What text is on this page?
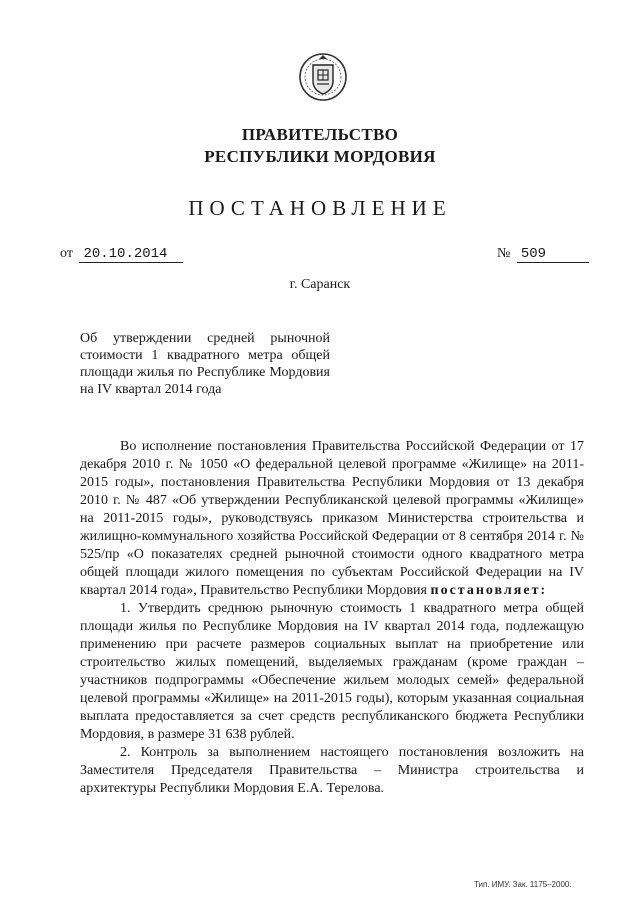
ПРАВИТЕЛЬСТВО
РЕСПУБЛИКИ МОРДОВИЯ
ПОСТАНОВЛЕНИЕ
от 20.10.2014	№ 509
г. Саранск
Об утверждении средней рыночной стоимости 1 квадратного метра общей площади жилья по Республике Мордовия на IV квартал 2014 года

Во исполнение постановления Правительства Российской Федерации от 17 декабря 2010 г. № 1050 «О федеральной целевой программе «Жилище» на 2011-2015 годы», постановления Правительства Республики Мордовия от 13 декабря 2010 г. № 487 «Об утверждении Республиканской целевой программы «Жилище» на 2011-2015 годы», руководствуясь приказом Министерства строительства и жилищно-коммунального хозяйства Российской Федерации от 8 сентября 2014 г. № 525/пр «О показателях средней рыночной стоимости одного квадратного метра общей площади жилого помещения по субъектам Российской Федерации на IV квартал 2014 года», Правительство Республики Мордовия постановляет:

1. Утвердить среднюю рыночную стоимость 1 квадратного метра общей площади жилья по Республике Мордовия на IV квартал 2014 года, подлежащую применению при расчете размеров социальных выплат на приобретение или строительство жилых помещений, выделяемых гражданам (кроме граждан – участников подпрограммы «Обеспечение жильем молодых семей» федеральной целевой программы «Жилище» на 2011-2015 годы), которым указанная социальная выплата предоставляется за счет средств республиканского бюджета Республики Мордовия, в размере 31 638 рублей.

2. Контроль за выполнением настоящего постановления возложить на Заместителя Председателя Правительства – Министра строительства и архитектуры Республики Мордовия Е.А. Терелова.

Тип. ИМУ. Зак. 1175–2000.
